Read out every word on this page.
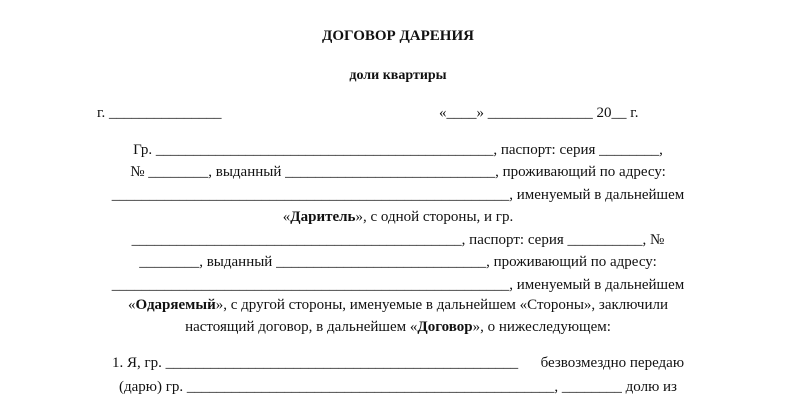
ДОГОВОР ДАРЕНИЯ
доли квартиры
г. _______________	«____» ______________ 20__ г.
Гр. _____________________________________________, паспорт: серия ________,
№ ________, выданный ____________________________, проживающий по адресу:
_____________________________________________________, именуемый в дальнейшем
«Даритель», с одной стороны, и гр.
____________________________________________, паспорт: серия __________, №
________, выданный ____________________________, проживающий по адресу:
_____________________________________________________, именуемый в дальнейшем
«Одаряемый», с другой стороны, именуемые в дальнейшем «Стороны», заключили
настоящий договор, в дальнейшем «Договор», о нижеследующем:
1. Я, гр. _______________________________________________      безвозмездно передаю
(дарю) гр. _________________________________________________, ________ долю из
